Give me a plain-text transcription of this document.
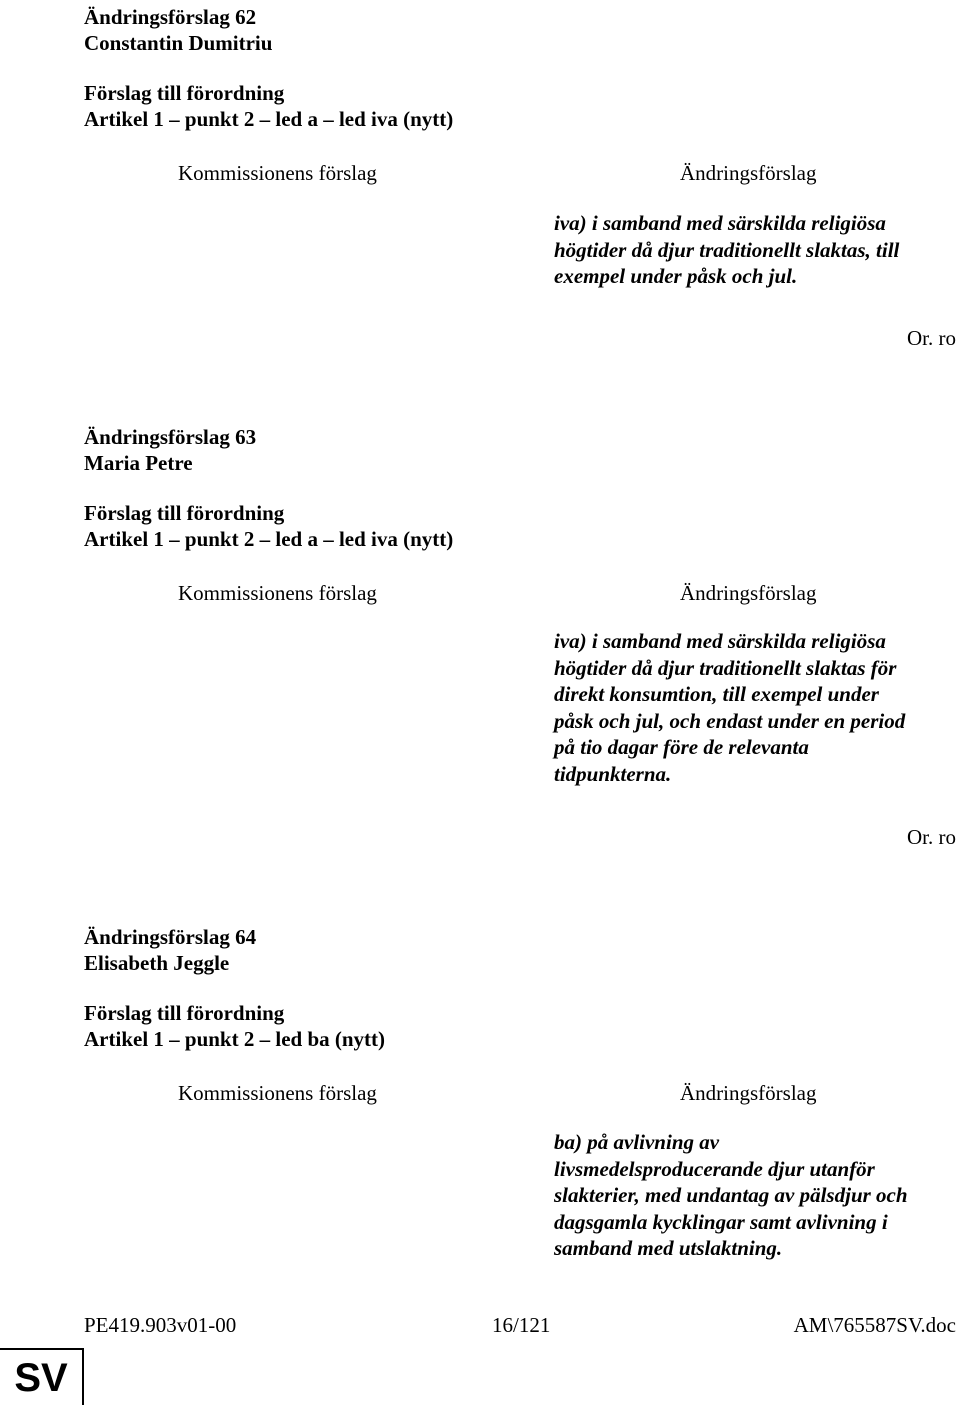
Ändringsförslag 62
Constantin Dumitriu
Förslag till förordning
Artikel 1 – punkt 2 – led a – led iva (nytt)
Kommissionens förslag	Ändringsförslag
iva) i samband med särskilda religiösa
högtider då djur traditionellt slaktas, till
exempel under påsk och jul.
Or. ro
Ändringsförslag 63
Maria Petre
Förslag till förordning
Artikel 1 – punkt 2 – led a – led iva (nytt)
Kommissionens förslag	Ändringsförslag
iva) i samband med särskilda religiösa
högtider då djur traditionellt slaktas för
direkt konsumtion, till exempel under
påsk och jul, och endast under en period
på tio dagar före de relevanta
tidpunkterna.
Or. ro
Ändringsförslag 64
Elisabeth Jeggle
Förslag till förordning
Artikel 1 – punkt 2 – led ba (nytt)
Kommissionens förslag	Ändringsförslag
ba) på avlivning av
livsmedelsproducerande djur utanför
slakterier, med undantag av pälsdjur och
dagsgamla kycklingar samt avlivning i
samband med utslaktning.
PE419.903v01-00	16/121	AM\765587SV.doc
SV
